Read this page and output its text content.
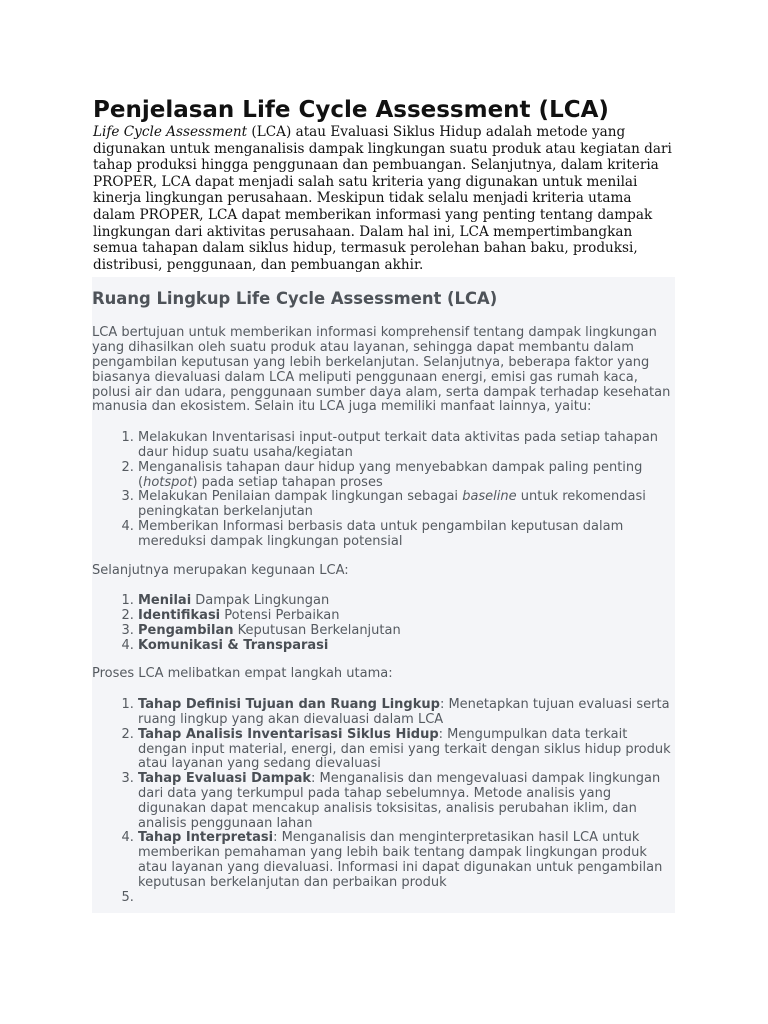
Penjelasan Life Cycle Assessment (LCA)

Life Cycle Assessment (LCA) atau Evaluasi Siklus Hidup adalah metode yang digunakan untuk menganalisis dampak lingkungan suatu produk atau kegiatan dari tahap produksi hingga penggunaan dan pembuangan. Selanjutnya, dalam kriteria PROPER, LCA dapat menjadi salah satu kriteria yang digunakan untuk menilai kinerja lingkungan perusahaan. Meskipun tidak selalu menjadi kriteria utama dalam PROPER, LCA dapat memberikan informasi yang penting tentang dampak lingkungan dari aktivitas perusahaan. Dalam hal ini, LCA mempertimbangkan semua tahapan dalam siklus hidup, termasuk perolehan bahan baku, produksi, distribusi, penggunaan, dan pembuangan akhir.

Ruang Lingkup Life Cycle Assessment (LCA)

LCA bertujuan untuk memberikan informasi komprehensif tentang dampak lingkungan yang dihasilkan oleh suatu produk atau layanan, sehingga dapat membantu dalam pengambilan keputusan yang lebih berkelanjutan. Selanjutnya, beberapa faktor yang biasanya dievaluasi dalam LCA meliputi penggunaan energi, emisi gas rumah kaca, polusi air dan udara, penggunaan sumber daya alam, serta dampak terhadap kesehatan manusia dan ekosistem. Selain itu LCA juga memiliki manfaat lainnya, yaitu:

1. Melakukan Inventarisasi input-output terkait data aktivitas pada setiap tahapan daur hidup suatu usaha/kegiatan
2. Menganalisis tahapan daur hidup yang menyebabkan dampak paling penting (hotspot) pada setiap tahapan proses
3. Melakukan Penilaian dampak lingkungan sebagai baseline untuk rekomendasi peningkatan berkelanjutan
4. Memberikan Informasi berbasis data untuk pengambilan keputusan dalam mereduksi dampak lingkungan potensial

Selanjutnya merupakan kegunaan LCA:

1. Menilai Dampak Lingkungan
2. Identifikasi Potensi Perbaikan
3. Pengambilan Keputusan Berkelanjutan
4. Komunikasi & Transparasi

Proses LCA melibatkan empat langkah utama:

1. Tahap Definisi Tujuan dan Ruang Lingkup: Menetapkan tujuan evaluasi serta ruang lingkup yang akan dievaluasi dalam LCA
2. Tahap Analisis Inventarisasi Siklus Hidup: Mengumpulkan data terkait dengan input material, energi, dan emisi yang terkait dengan siklus hidup produk atau layanan yang sedang dievaluasi
3. Tahap Evaluasi Dampak: Menganalisis dan mengevaluasi dampak lingkungan dari data yang terkumpul pada tahap sebelumnya. Metode analisis yang digunakan dapat mencakup analisis toksisitas, analisis perubahan iklim, dan analisis penggunaan lahan
4. Tahap Interpretasi: Menganalisis dan menginterpretasikan hasil LCA untuk memberikan pemahaman yang lebih baik tentang dampak lingkungan produk atau layanan yang dievaluasi. Informasi ini dapat digunakan untuk pengambilan keputusan berkelanjutan dan perbaikan produk
5.
